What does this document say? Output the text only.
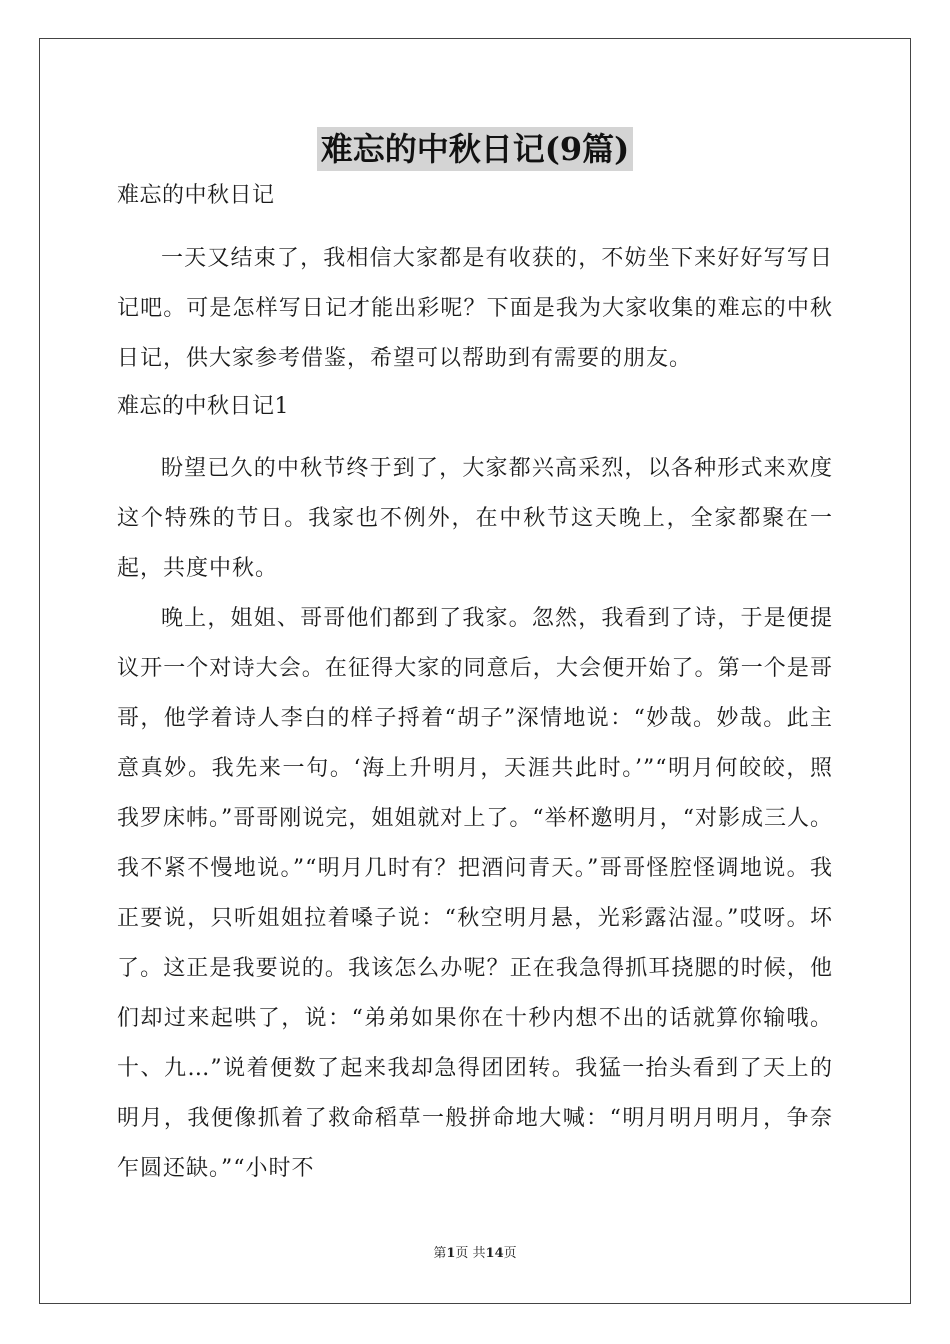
难忘的中秋日记(9篇)

难忘的中秋日记

一天又结束了，我相信大家都是有收获的，不妨坐下来好好写写日记吧。可是怎样写日记才能出彩呢？下面是我为大家收集的难忘的中秋日记，供大家参考借鉴，希望可以帮助到有需要的朋友。

难忘的中秋日记1

盼望已久的中秋节终于到了，大家都兴高采烈，以各种形式来欢度这个特殊的节日。我家也不例外，在中秋节这天晚上，全家都聚在一起，共度中秋。

晚上，姐姐、哥哥他们都到了我家。忽然，我看到了诗，于是便提议开一个对诗大会。在征得大家的同意后，大会便开始了。第一个是哥哥，他学着诗人李白的样子捋着“胡子”深情地说：“妙哉。妙哉。此主意真妙。我先来一句。‘海上升明月，天涯共此时。’”“明月何皎皎，照我罗床帏。”哥哥刚说完，姐姐就对上了。“举杯邀明月，“对影成三人。我不紧不慢地说。”“明月几时有？把酒问青天。”哥哥怪腔怪调地说。我正要说，只听姐姐拉着嗓子说：“秋空明月悬，光彩露沾湿。”哎呀。坏了。这正是我要说的。我该怎么办呢？正在我急得抓耳挠腮的时候，他们却过来起哄了，说：“弟弟如果你在十秒内想不出的话就算你输哦。十、九…”说着便数了起来我却急得团团转。我猛一抬头看到了天上的明月，我便像抓着了救命稻草一般拼命地大喊：“明月明月明月，争奈乍圆还缺。”“小时不

第1页 共14页
